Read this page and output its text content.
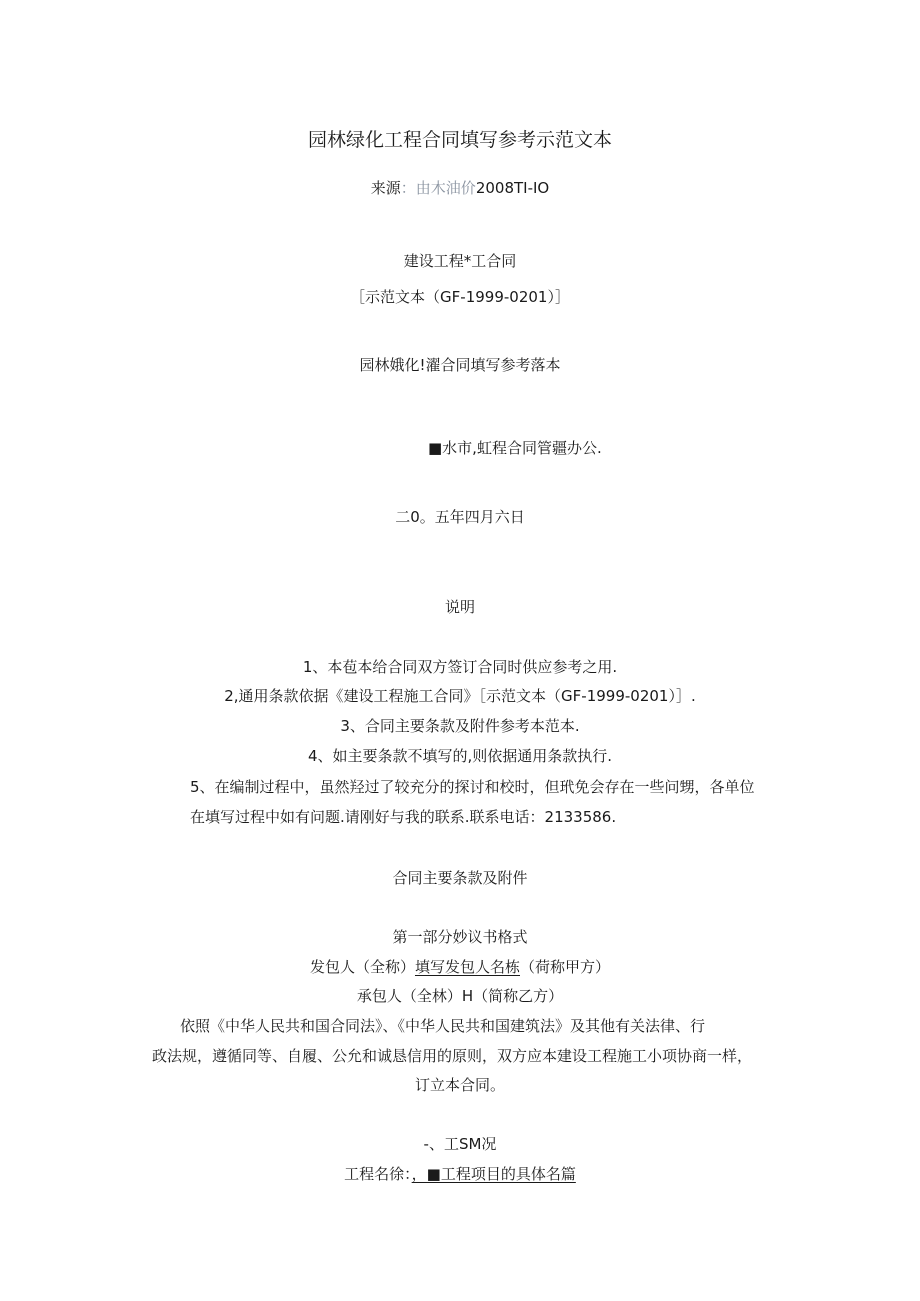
园林绿化工程合同填写参考示范文本
来源：由木油价2008TI-IO
建设工程*工合同
［示范文本（GF-1999-0201）］
园林娥化!濯合同填写参考落本
■水市,虹程合同管疆办公.
二0。五年四月六日
说明
1、本苞本给合同双方签订合同时供应参考之用.
2,通用条款依据《建设工程施工合同》［示范文本（GF-1999-0201）］.
3、合同主要条款及附件参考本范本.
4、如主要条款不填写的,则依据通用条款执行.
5、在编制过程中，虽然羟过了较充分的探讨和校时，但玳免会存在一些问甥，各单位
在填写过程中如有问题.请刚好与我的联系.联系电话：2133586.
合同主要条款及附件
第一部分妙议书格式
发包人（全称）填写发包人名栋（荷称甲方）
承包人（全林）H（简称乙方）
依照《中华人民共和国合同法》、《中华人民共和国建筑法》及其他有关法律、行
政法规，遵循同等、自履、公允和诚恳信用的原则，双方应本建设工程施工小项协商一样，
订立本合同。
-、工SM况
工程名徐：，■工程项目的具体名篇
